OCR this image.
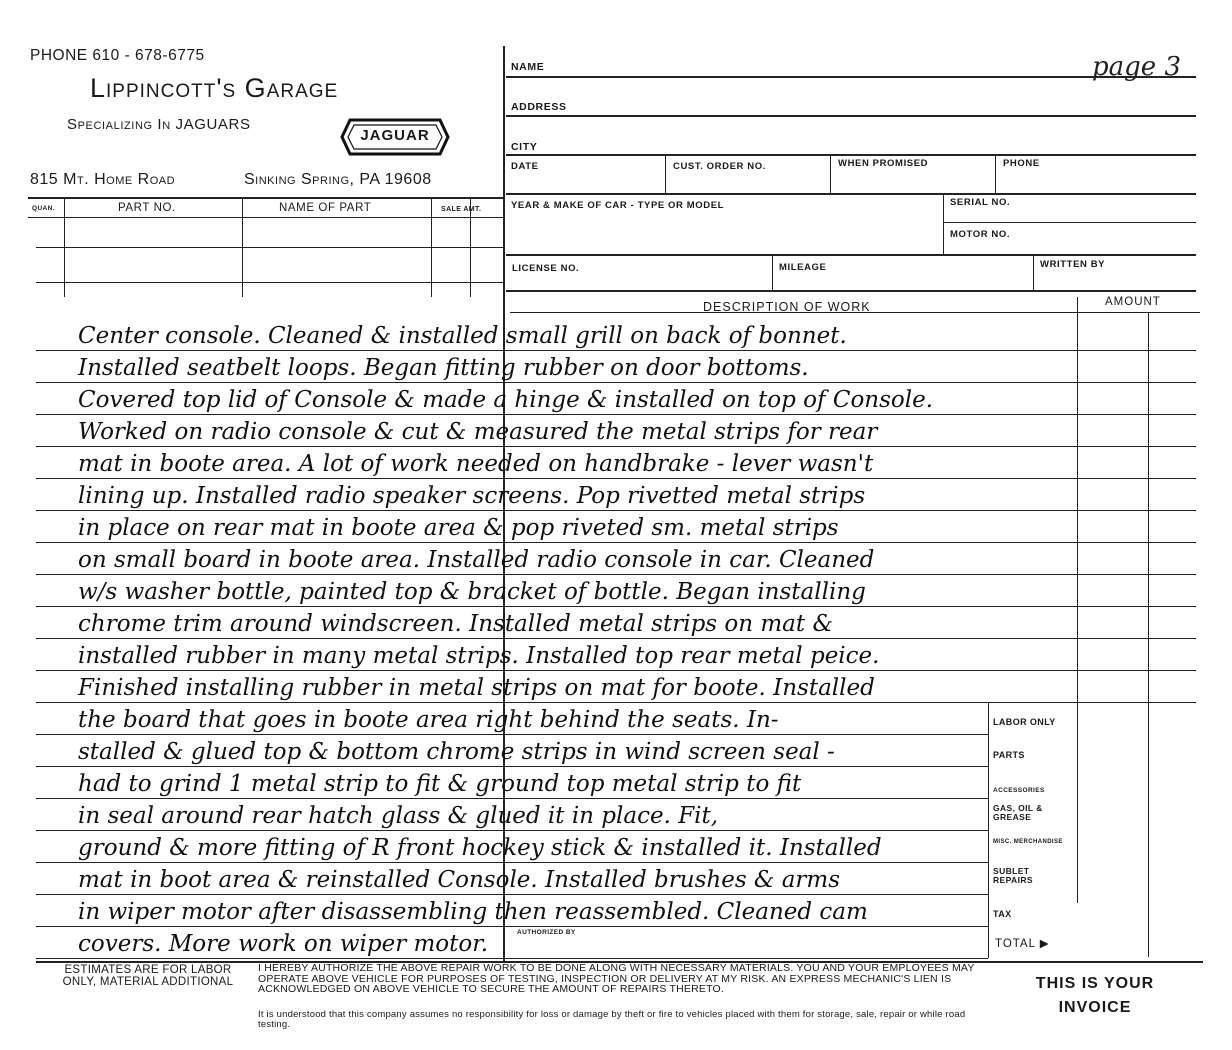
PHONE 610 - 678-6775
Lippincott's Garage
Specializing In JAGUARS
JAGUAR
815 Mt. Home Road	Sinking Spring, PA 19608
page 3
NAME
ADDRESS
CITY
DATE	CUST. ORDER NO.	WHEN PROMISED	PHONE
YEAR & MAKE OF CAR - TYPE OR MODEL	SERIAL NO.
MOTOR NO.
LICENSE NO.	MILEAGE	WRITTEN BY
QUAN.	PART NO.	NAME OF PART	SALE AMT.
DESCRIPTION OF WORK	AMOUNT
Center console. Cleaned & installed small grill on back of bonnet.
Installed seatbelt loops. Began fitting rubber on door bottoms.
Covered top lid of Console & made a hinge & installed on top of Console.
Worked on radio console & cut & measured the metal strips for rear
mat in boote area. A lot of work needed on handbrake - lever wasn't
lining up. Installed radio speaker screens. Pop rivetted metal strips
in place on rear mat in boote area & pop riveted sm. metal strips
on small board in boote area. Installed radio console in car. Cleaned
w/s washer bottle, painted top & bracket of bottle. Began installing
chrome trim around windscreen. Installed metal strips on mat &
installed rubber in many metal strips. Installed top rear metal peice.
Finished installing rubber in metal strips on mat for boote. Installed
the board that goes in boote area right behind the seats. In-
stalled & glued top & bottom chrome strips in wind screen seal -
had to grind 1 metal strip to fit & ground top metal strip to fit
in seal around rear hatch glass & glued it in place. Fit,
ground & more fitting of R front hockey stick & installed it. Installed
mat in boot area & reinstalled Console. Installed brushes & arms
in wiper motor after disassembling then reassembled. Cleaned cam
covers. More work on wiper motor.
LABOR ONLY
PARTS
ACCESSORIES
GAS, OIL & GREASE
MISC. MERCHANDISE
SUBLET REPAIRS
TAX
TOTAL ▶
AUTHORIZED BY
ESTIMATES ARE FOR LABOR ONLY, MATERIAL ADDITIONAL
I HEREBY AUTHORIZE THE ABOVE REPAIR WORK TO BE DONE ALONG WITH NECESSARY MATERIALS. YOU AND YOUR EMPLOYEES MAY OPERATE ABOVE VEHICLE FOR PURPOSES OF TESTING, INSPECTION OR DELIVERY AT MY RISK. AN EXPRESS MECHANIC'S LIEN IS ACKNOWLEDGED ON ABOVE VEHICLE TO SECURE THE AMOUNT OF REPAIRS THERETO.
It is understood that this company assumes no responsibility for loss or damage by theft or fire to vehicles placed with them for storage, sale, repair or while road testing.
THIS IS YOUR INVOICE
